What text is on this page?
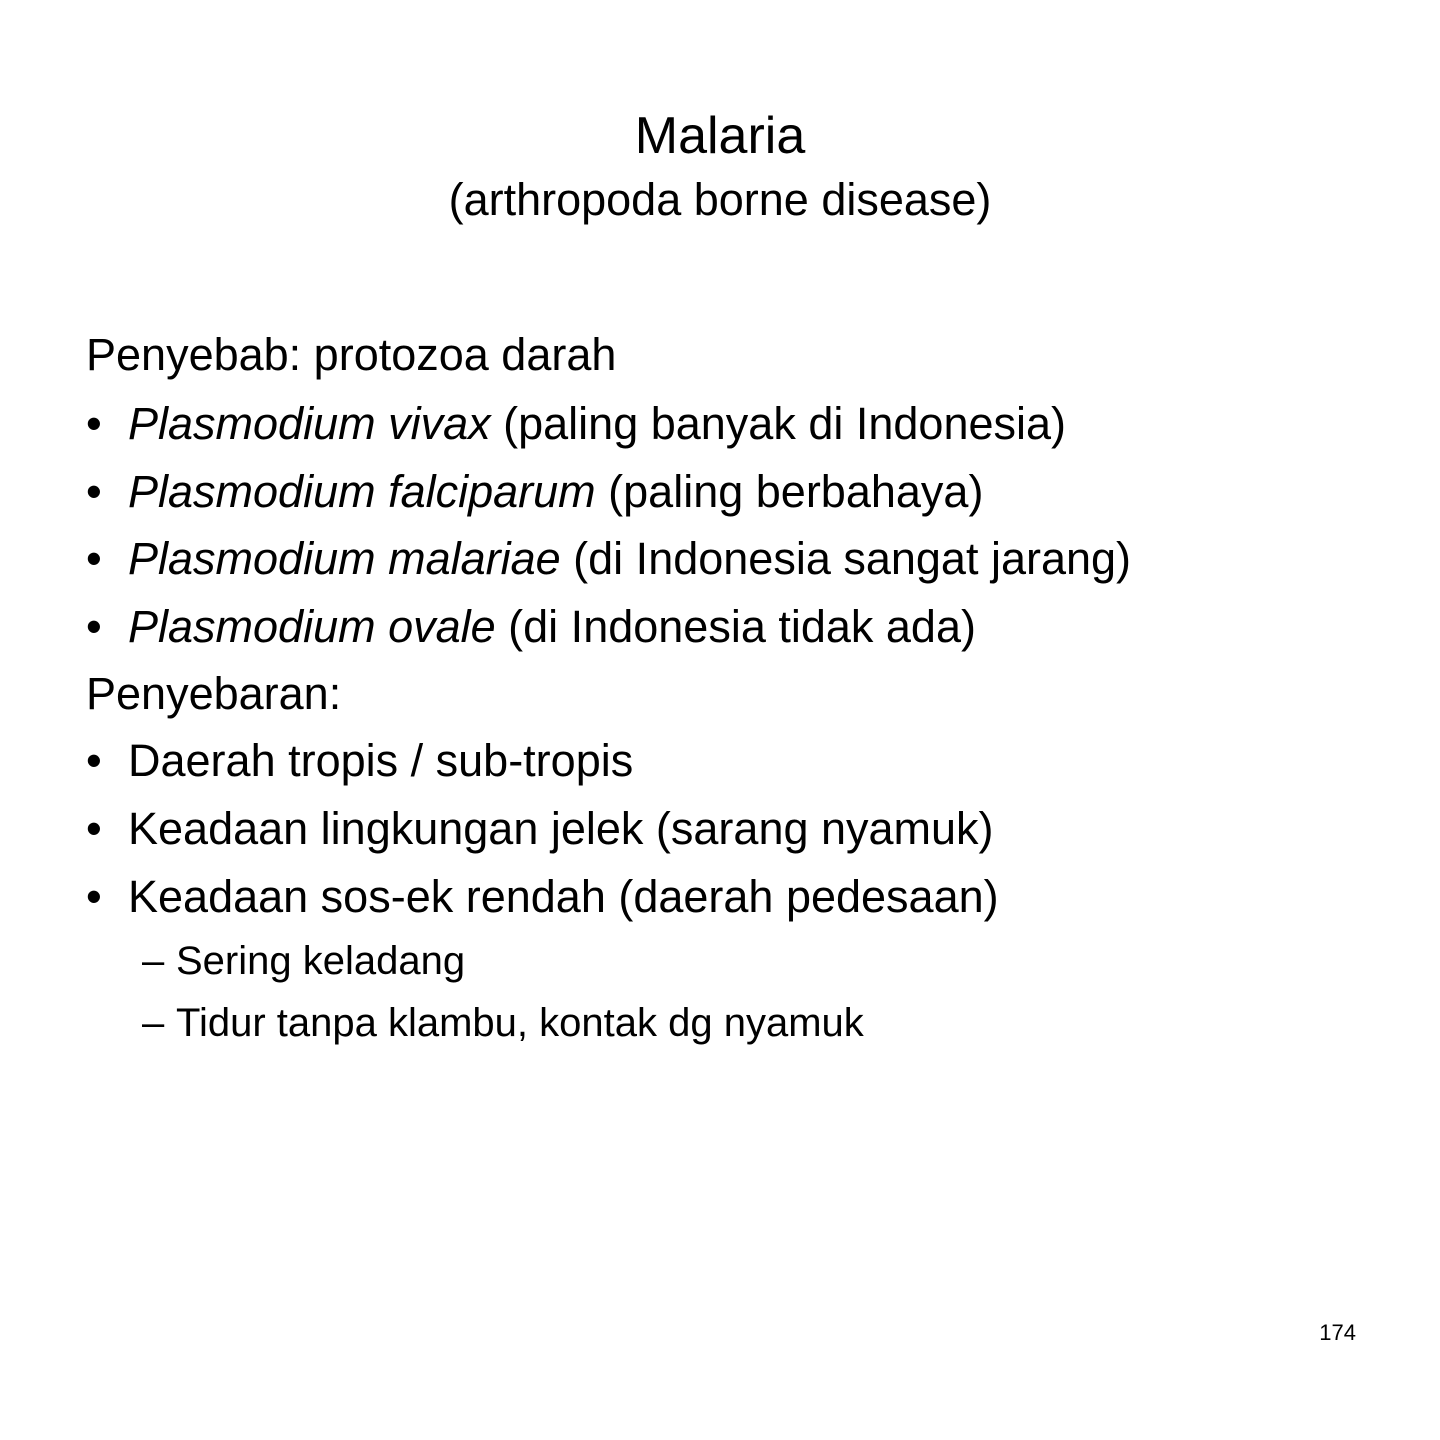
Malaria
(arthropoda borne disease)
Penyebab: protozoa darah
• Plasmodium vivax (paling banyak di Indonesia)
• Plasmodium falciparum (paling berbahaya)
• Plasmodium malariae (di Indonesia sangat jarang)
• Plasmodium ovale (di Indonesia tidak ada)
Penyebaran:
• Daerah tropis / sub-tropis
• Keadaan lingkungan jelek (sarang nyamuk)
• Keadaan sos-ek rendah (daerah pedesaan)
– Sering keladang
– Tidur tanpa klambu, kontak dg nyamuk
174
